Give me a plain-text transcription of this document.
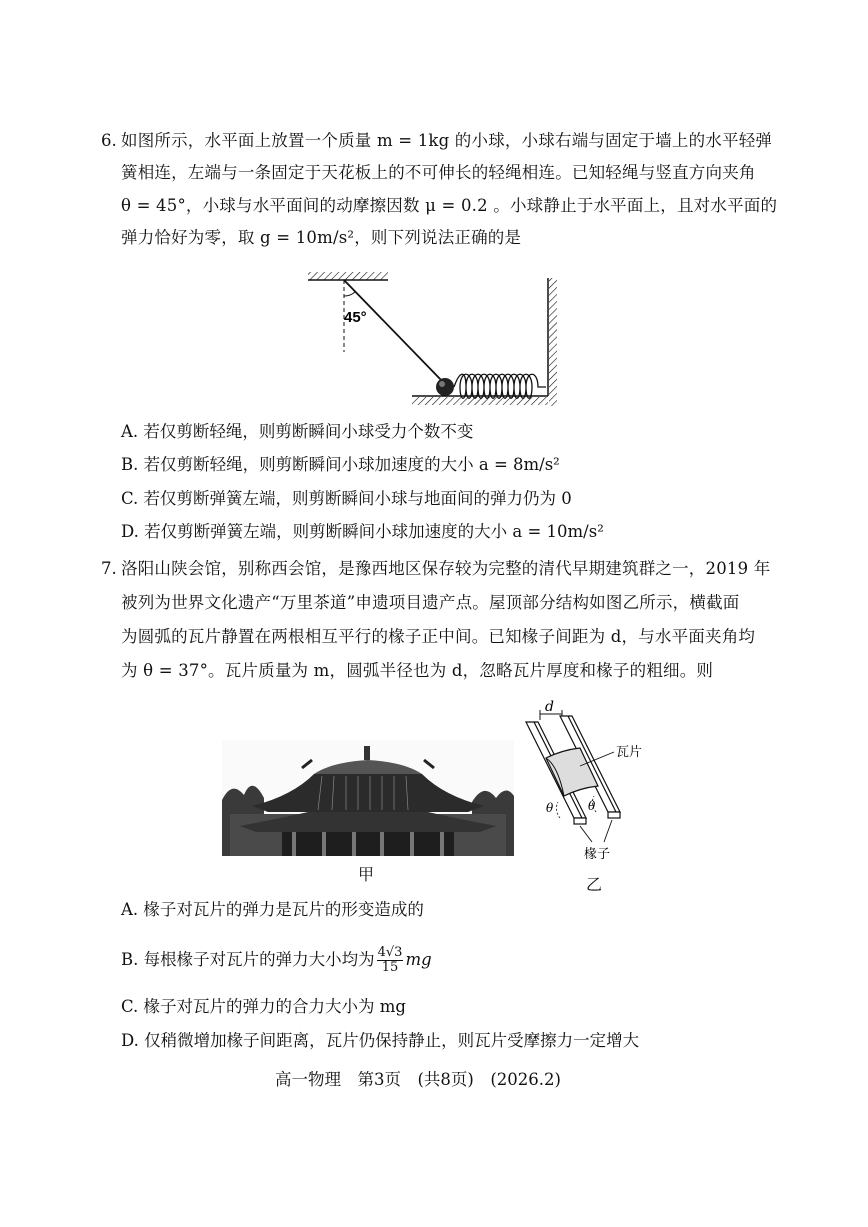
6. 如图所示，水平面上放置一个质量 m = 1kg 的小球，小球右端与固定于墙上的水平轻弹
簧相连，左端与一条固定于天花板上的不可伸长的轻绳相连。已知轻绳与竖直方向夹角
θ = 45°，小球与水平面间的动摩擦因数 μ = 0.2 。小球静止于水平面上，且对水平面的
弹力恰好为零，取 g = 10m/s²，则下列说法正确的是
45°
A. 若仅剪断轻绳，则剪断瞬间小球受力个数不变
B. 若仅剪断轻绳，则剪断瞬间小球加速度的大小 a = 8m/s²
C. 若仅剪断弹簧左端，则剪断瞬间小球与地面间的弹力仍为 0
D. 若仅剪断弹簧左端，则剪断瞬间小球加速度的大小 a = 10m/s²
7. 洛阳山陕会馆，别称西会馆，是豫西地区保存较为完整的清代早期建筑群之一，2019 年
被列为世界文化遗产“万里茶道”申遗项目遗产点。屋顶部分结构如图乙所示，横截面
为圆弧的瓦片静置在两根相互平行的椽子正中间。已知椽子间距为 d，与水平面夹角均
为 θ = 37°。瓦片质量为 m，圆弧半径也为 d，忽略瓦片厚度和椽子的粗细。则
甲
d
瓦片
θ	θ
椽子
乙
A. 椽子对瓦片的弹力是瓦片的形变造成的
B. 每根椽子对瓦片的弹力大小均为 $\frac{4√3}{15}$ mg
C. 椽子对瓦片的弹力的合力大小为 mg
D. 仅稍微增加椽子间距离，瓦片仍保持静止，则瓦片受摩擦力一定增大
高一物理　第3页　(共8页)　(2026.2)
